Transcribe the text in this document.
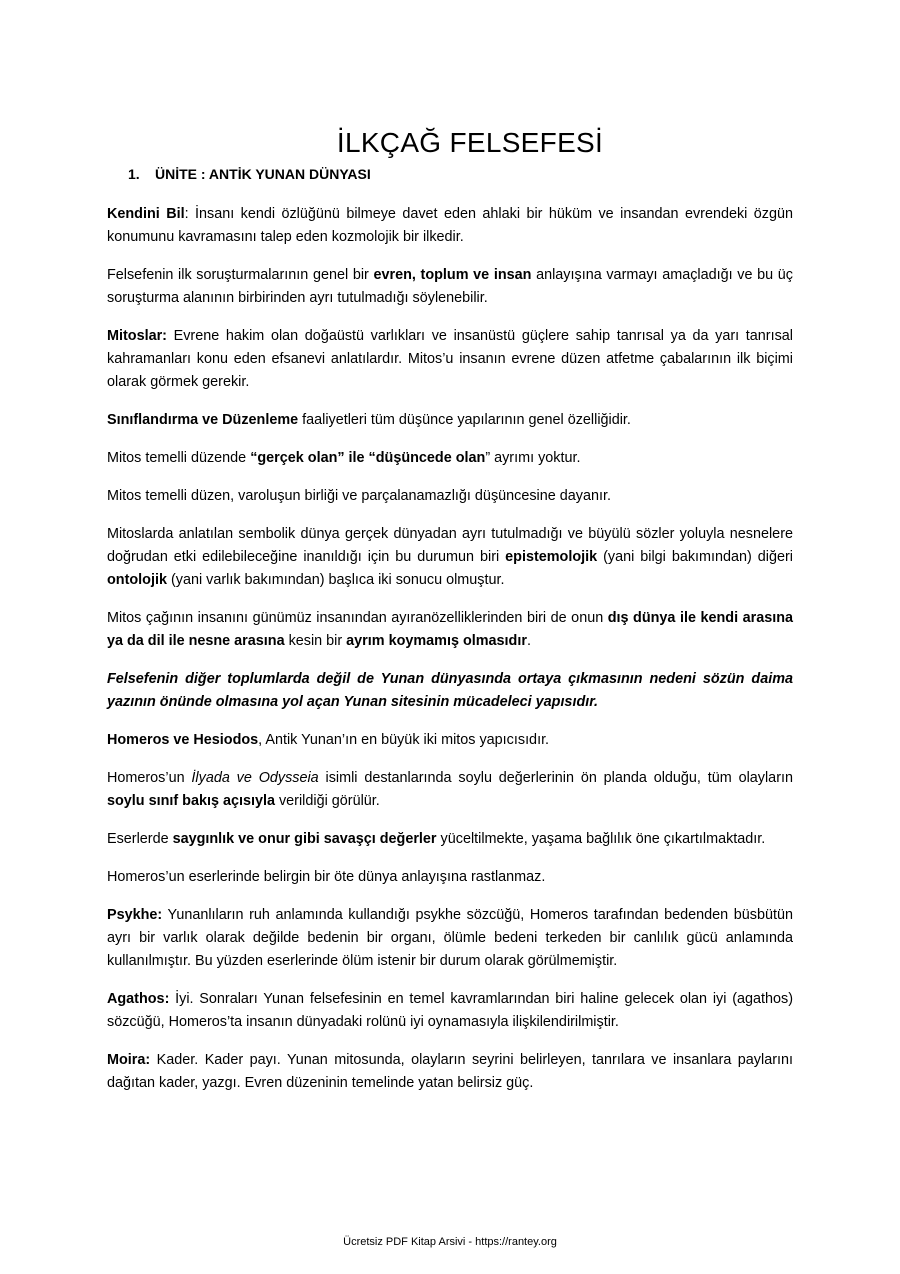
İLKÇAĞ FELSEFESİ
1. ÜNİTE : ANTİK YUNAN DÜNYASI

Kendini Bil: İnsanı kendi özlüğünü bilmeye davet eden ahlaki bir hüküm ve insandan evrendeki özgün konumunu kavramasını talep eden kozmolojik bir ilkedir.

Felsefenin ilk soruşturmalarının genel bir evren, toplum ve insan anlayışına varmayı amaçladığı ve bu üç soruşturma alanının birbirinden ayrı tutulmadığı söylenebilir.

Mitoslar: Evrene hakim olan doğaüstü varlıkları ve insanüstü güçlere sahip tanrısal ya da yarı tanrısal kahramanları konu eden efsanevi anlatılardır. Mitos’u insanın evrene düzen atfetme çabalarının ilk biçimi olarak görmek gerekir.

Sınıflandırma ve Düzenleme faaliyetleri tüm düşünce yapılarının genel özelliğidir.

Mitos temelli düzende “gerçek olan” ile “düşüncede olan” ayrımı yoktur.

Mitos temelli düzen, varoluşun birliği ve parçalanamazlığı düşüncesine dayanır.

Mitoslarda anlatılan sembolik dünya gerçek dünyadan ayrı tutulmadığı ve büyülü sözler yoluyla nesnelere doğrudan etki edilebileceğine inanıldığı için bu durumun biri epistemolojik (yani bilgi bakımından) diğeri ontolojik (yani varlık bakımından) başlıca iki sonucu olmuştur.

Mitos çağının insanını günümüz insanından ayıranözelliklerinden biri de onun dış dünya ile kendi arasına ya da dil ile nesne arasına kesin bir ayrım koymamış olmasıdır.

Felsefenin diğer toplumlarda değil de Yunan dünyasında ortaya çıkmasının nedeni sözün daima yazının önünde olmasına yol açan Yunan sitesinin mücadeleci yapısıdır.

Homeros ve Hesiodos, Antik Yunan’ın en büyük iki mitos yapıcısıdır.

Homeros’un İlyada ve Odysseia isimli destanlarında soylu değerlerinin ön planda olduğu, tüm olayların soylu sınıf bakış açısıyla verildiği görülür.

Eserlerde saygınlık ve onur gibi savaşçı değerler yüceltilmekte, yaşama bağlılık öne çıkartılmaktadır.

Homeros’un eserlerinde belirgin bir öte dünya anlayışına rastlanmaz.

Psykhe: Yunanlıların ruh anlamında kullandığı psykhe sözcüğü, Homeros tarafından bedenden büsbütün ayrı bir varlık olarak değilde bedenin bir organı, ölümle bedeni terkeden bir canlılık gücü anlamında kullanılmıştır. Bu yüzden eserlerinde ölüm istenir bir durum olarak görülmemiştir.

Agathos: İyi. Sonraları Yunan felsefesinin en temel kavramlarından biri haline gelecek olan iyi (agathos) sözcüğü, Homeros’ta insanın dünyadaki rolünü iyi oynamasıyla ilişkilendirilmiştir.

Moira: Kader. Kader payı. Yunan mitosunda, olayların seyrini belirleyen, tanrılara ve insanlara paylarını dağıtan kader, yazgı. Evren düzeninin temelinde yatan belirsiz güç.

Ücretsiz PDF Kitap Arsivi - https://rantey.org
